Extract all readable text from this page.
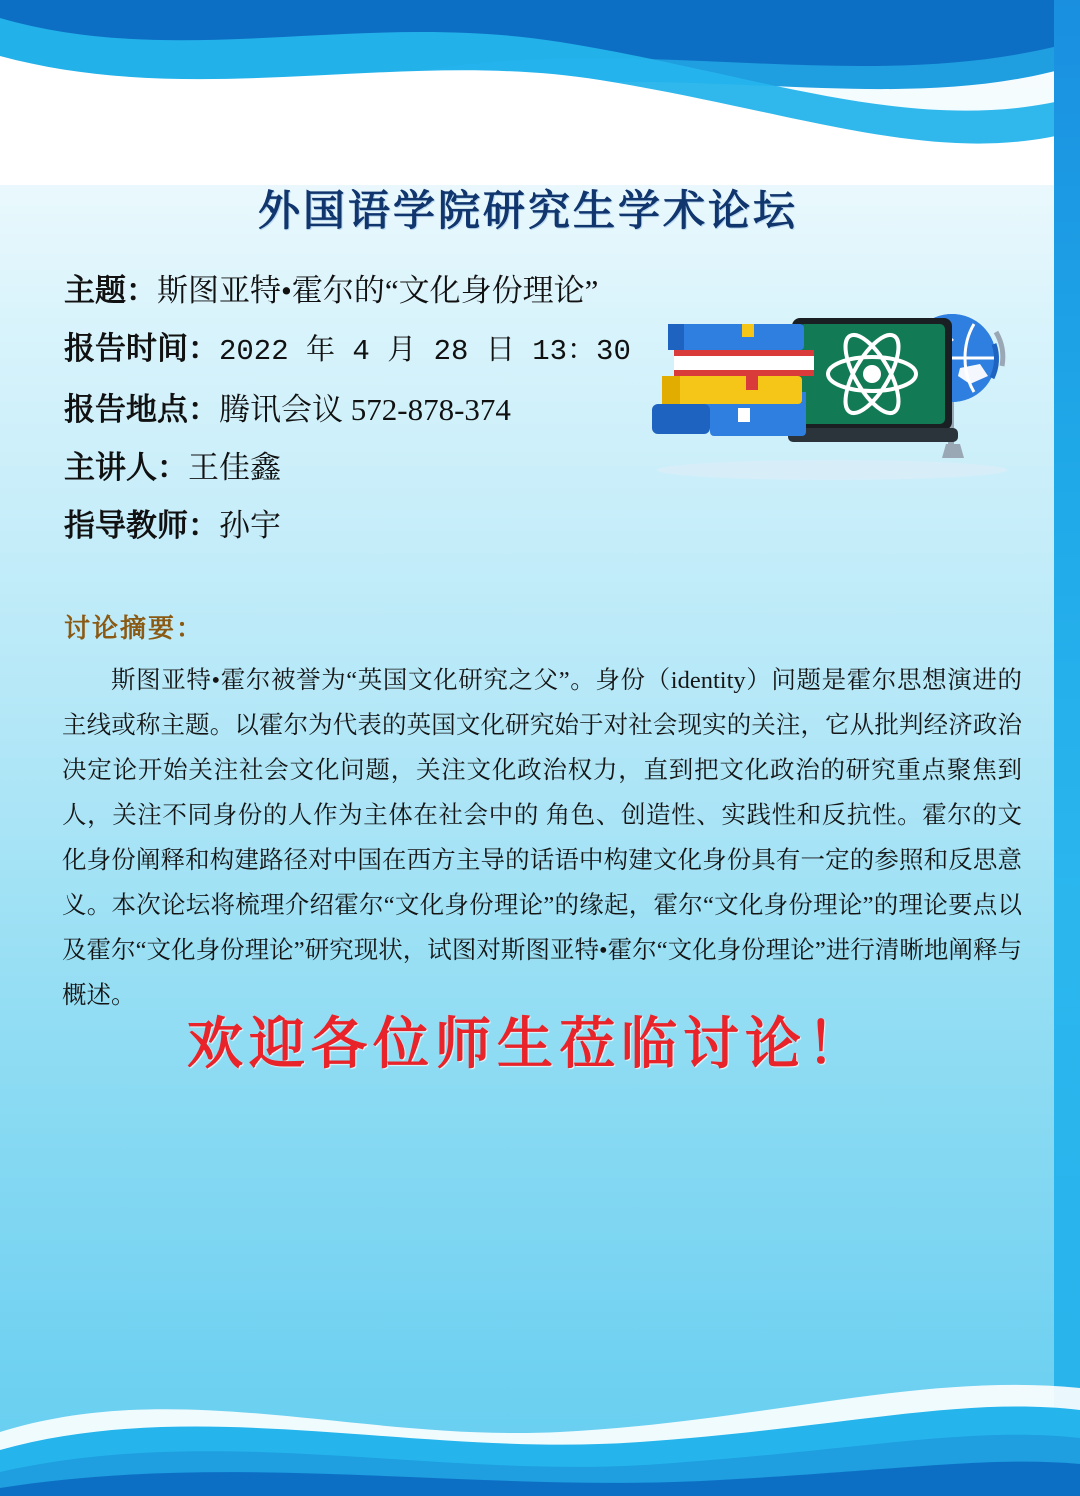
外国语学院研究生学术论坛
主题：斯图亚特•霍尔的“文化身份理论”
报告时间：2022 年 4 月 28 日 13：30
报告地点：腾讯会议 572-878-374
主讲人：王佳鑫
指导教师：孙宇
讨论摘要：
斯图亚特•霍尔被誉为“英国文化研究之父”。身份（identity）问题是霍尔思想演进的主线或称主题。以霍尔为代表的英国文化研究始于对社会现实的关注，它从批判经济政治决定论开始关注社会文化问题，关注文化政治权力，直到把文化政治的研究重点聚焦到人，关注不同身份的人作为主体在社会中的 角色、创造性、实践性和反抗性。霍尔的文化身份阐释和构建路径对中国在西方主导的话语中构建文化身份具有一定的参照和反思意义。本次论坛将梳理介绍霍尔“文化身份理论”的缘起，霍尔“文化身份理论”的理论要点以及霍尔“文化身份理论”研究现状，试图对斯图亚特•霍尔“文化身份理论”进行清晰地阐释与概述。
欢迎各位师生莅临讨论！
